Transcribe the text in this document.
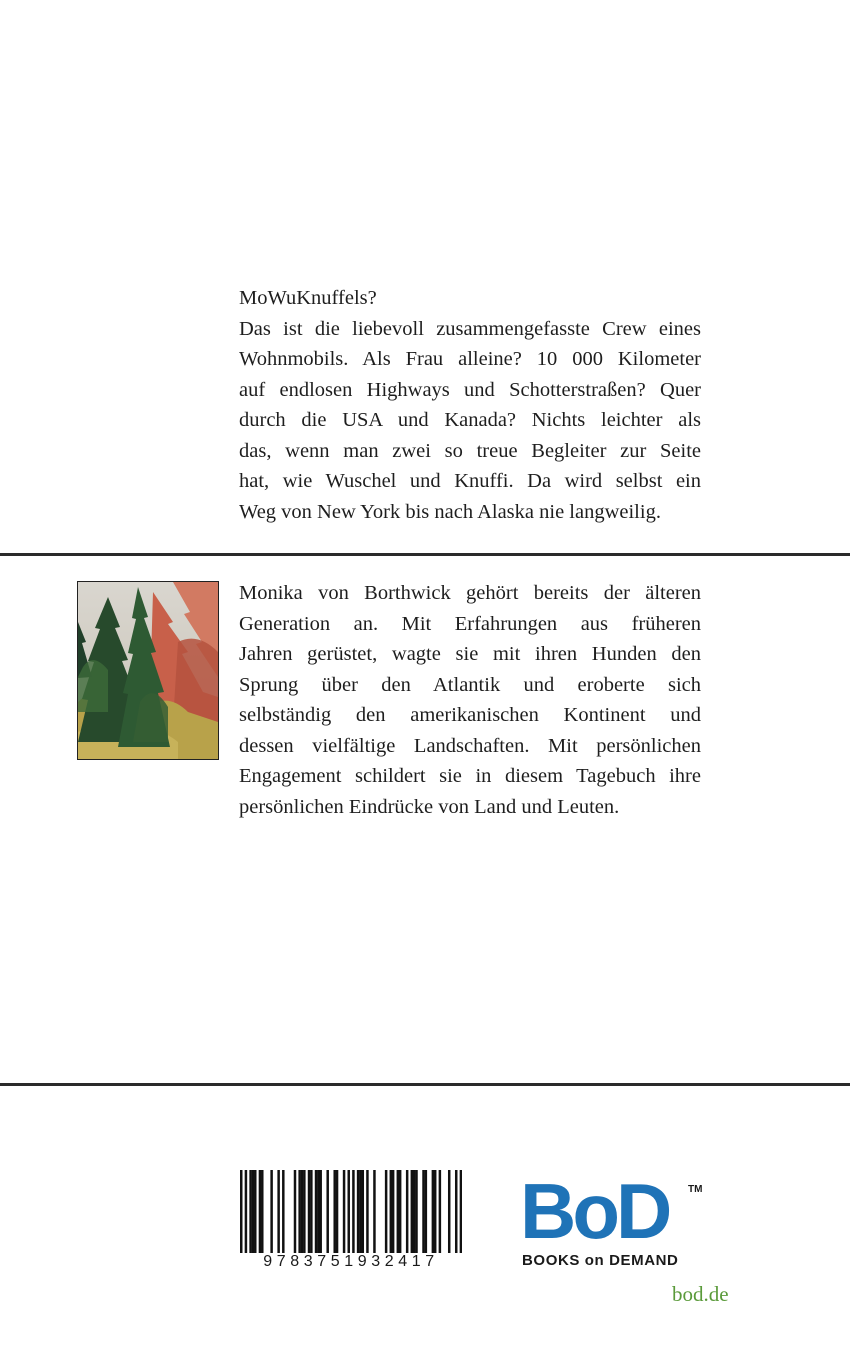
MoWuKnuffels?
Das ist die liebevoll zusammengefasste Crew eines
Wohnmobils. Als Frau alleine? 10 000 Kilometer
auf endlosen Highways und Schotterstraßen? Quer
durch die USA und Kanada? Nichts leichter als
das, wenn man zwei so treue Begleiter zur Seite
hat, wie Wuschel und Knuffi. Da wird selbst ein
Weg von New York bis nach Alaska nie langweilig.

Monika von Borthwick gehört bereits der älteren
Generation an. Mit Erfahrungen aus früheren
Jahren gerüstet, wagte sie mit ihren Hunden den
Sprung über den Atlantik und eroberte sich
selbständig den amerikanischen Kontinent und
dessen vielfältige Landschaften. Mit persönlichen
Engagement schildert sie in diesem Tagebuch ihre
persönlichen Eindrücke von Land und Leuten.
9783751932417
BoD TM
BOOKS on DEMAND
bod.de
